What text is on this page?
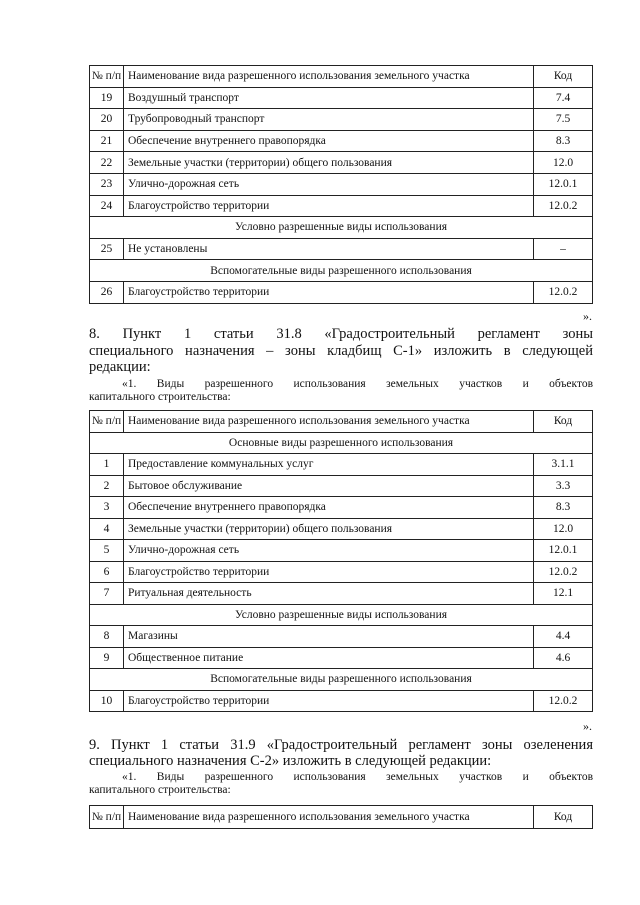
№ п/п	Наименование вида разрешенного использования земельного участка	Код
19	Воздушный транспорт	7.4
20	Трубопроводный транспорт	7.5
21	Обеспечение внутреннего правопорядка	8.3
22	Земельные участки (территории) общего пользования	12.0
23	Улично-дорожная сеть	12.0.1
24	Благоустройство территории	12.0.2
Условно разрешенные виды использования		
25	Не установлены	–
Вспомогательные виды разрешенного использования		
26	Благоустройство территории	12.0.2
».
8. Пункт 1 статьи 31.8 «Градостроительный регламент зоны
специального назначения – зоны кладбищ С-1» изложить в следующей
редакции:
«1. Виды разрешенного использования земельных участков и объектов
капитального строительства:
№ п/п	Наименование вида разрешенного использования земельного участка	Код
Основные виды разрешенного использования		
1	Предоставление коммунальных услуг	3.1.1
2	Бытовое обслуживание	3.3
3	Обеспечение внутреннего правопорядка	8.3
4	Земельные участки (территории) общего пользования	12.0
5	Улично-дорожная сеть	12.0.1
6	Благоустройство территории	12.0.2
7	Ритуальная деятельность	12.1
Условно разрешенные виды использования		
8	Магазины	4.4
9	Общественное питание	4.6
Вспомогательные виды разрешенного использования		
10	Благоустройство территории	12.0.2
».
9. Пункт 1 статьи 31.9 «Градостроительный регламент зоны озеленения
специального назначения С-2» изложить в следующей редакции:
«1. Виды разрешенного использования земельных участков и объектов
капитального строительства:
№ п/п	Наименование вида разрешенного использования земельного участка	Код
